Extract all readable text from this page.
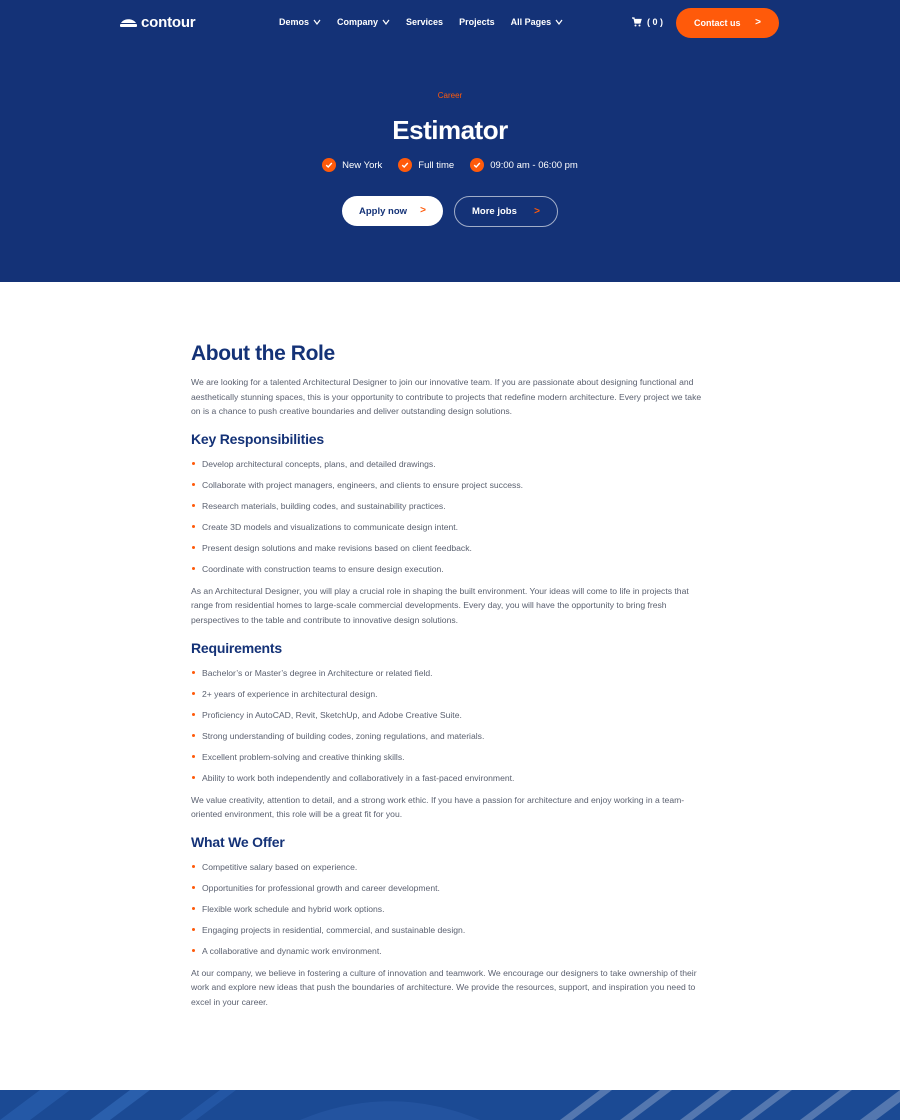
contour	Demos	Company	Services Projects All Pages	( 0 )	Contact us >
Career
Estimator
New York	Full time	09:00 am - 06:00 pm
Apply now >	More jobs >
About the Role

We are looking for a talented Architectural Designer to join our innovative team. If you are passionate about designing functional and aesthetically stunning spaces, this is your opportunity to contribute to projects that redefine modern architecture. Every project we take on is a chance to push creative boundaries and deliver outstanding design solutions.

Key Responsibilities
Develop architectural concepts, plans, and detailed drawings.
Collaborate with project managers, engineers, and clients to ensure project success.
Research materials, building codes, and sustainability practices.
Create 3D models and visualizations to communicate design intent.
Present design solutions and make revisions based on client feedback.
Coordinate with construction teams to ensure design execution.

As an Architectural Designer, you will play a crucial role in shaping the built environment. Your ideas will come to life in projects that range from residential homes to large-scale commercial developments. Every day, you will have the opportunity to bring fresh perspectives to the table and contribute to innovative design solutions.

Requirements
Bachelor’s or Master’s degree in Architecture or related field.
2+ years of experience in architectural design.
Proficiency in AutoCAD, Revit, SketchUp, and Adobe Creative Suite.
Strong understanding of building codes, zoning regulations, and materials.
Excellent problem-solving and creative thinking skills.
Ability to work both independently and collaboratively in a fast-paced environment.

We value creativity, attention to detail, and a strong work ethic. If you have a passion for architecture and enjoy working in a team-oriented environment, this role will be a great fit for you.

What We Offer
Competitive salary based on experience.
Opportunities for professional growth and career development.
Flexible work schedule and hybrid work options.
Engaging projects in residential, commercial, and sustainable design.
A collaborative and dynamic work environment.

At our company, we believe in fostering a culture of innovation and teamwork. We encourage our designers to take ownership of their work and explore new ideas that push the boundaries of architecture. We provide the resources, support, and inspiration you need to excel in your career.
